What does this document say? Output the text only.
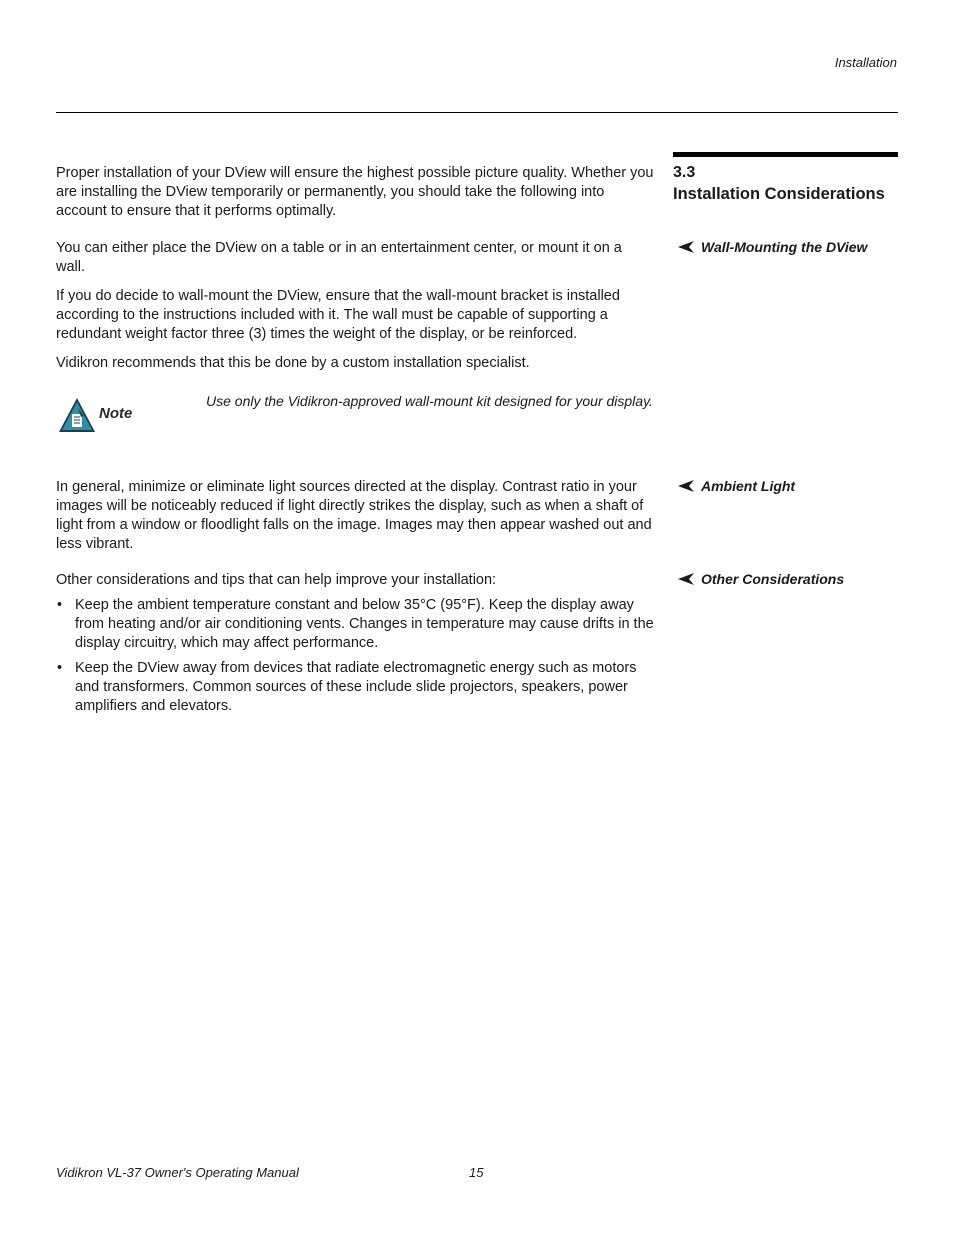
Installation
3.3
Installation Considerations
Proper installation of your DView will ensure the highest possible picture quality. Whether you are installing the DView temporarily or permanently, you should take the following into account to ensure that it performs optimally.
Wall-Mounting the DView
You can either place the DView on a table or in an entertainment center, or mount it on a wall.
If you do decide to wall-mount the DView, ensure that the wall-mount bracket is installed according to the instructions included with it. The wall must be capable of supporting a redundant weight factor three (3) times the weight of the display, or be reinforced.
Vidikron recommends that this be done by a custom installation specialist.
Note
Use only the Vidikron-approved wall-mount kit designed for your display.
Ambient Light
In general, minimize or eliminate light sources directed at the display. Contrast ratio in your images will be noticeably reduced if light directly strikes the display, such as when a shaft of light from a window or floodlight falls on the image. Images may then appear washed out and less vibrant.
Other Considerations
Other considerations and tips that can help improve your installation:
• Keep the ambient temperature constant and below 35°C (95°F). Keep the display away from heating and/or air conditioning vents. Changes in temperature may cause drifts in the display circuitry, which may affect performance.
• Keep the DView away from devices that radiate electromagnetic energy such as motors and transformers. Common sources of these include slide projectors, speakers, power amplifiers and elevators.
Vidikron VL-37 Owner's Operating Manual	15
